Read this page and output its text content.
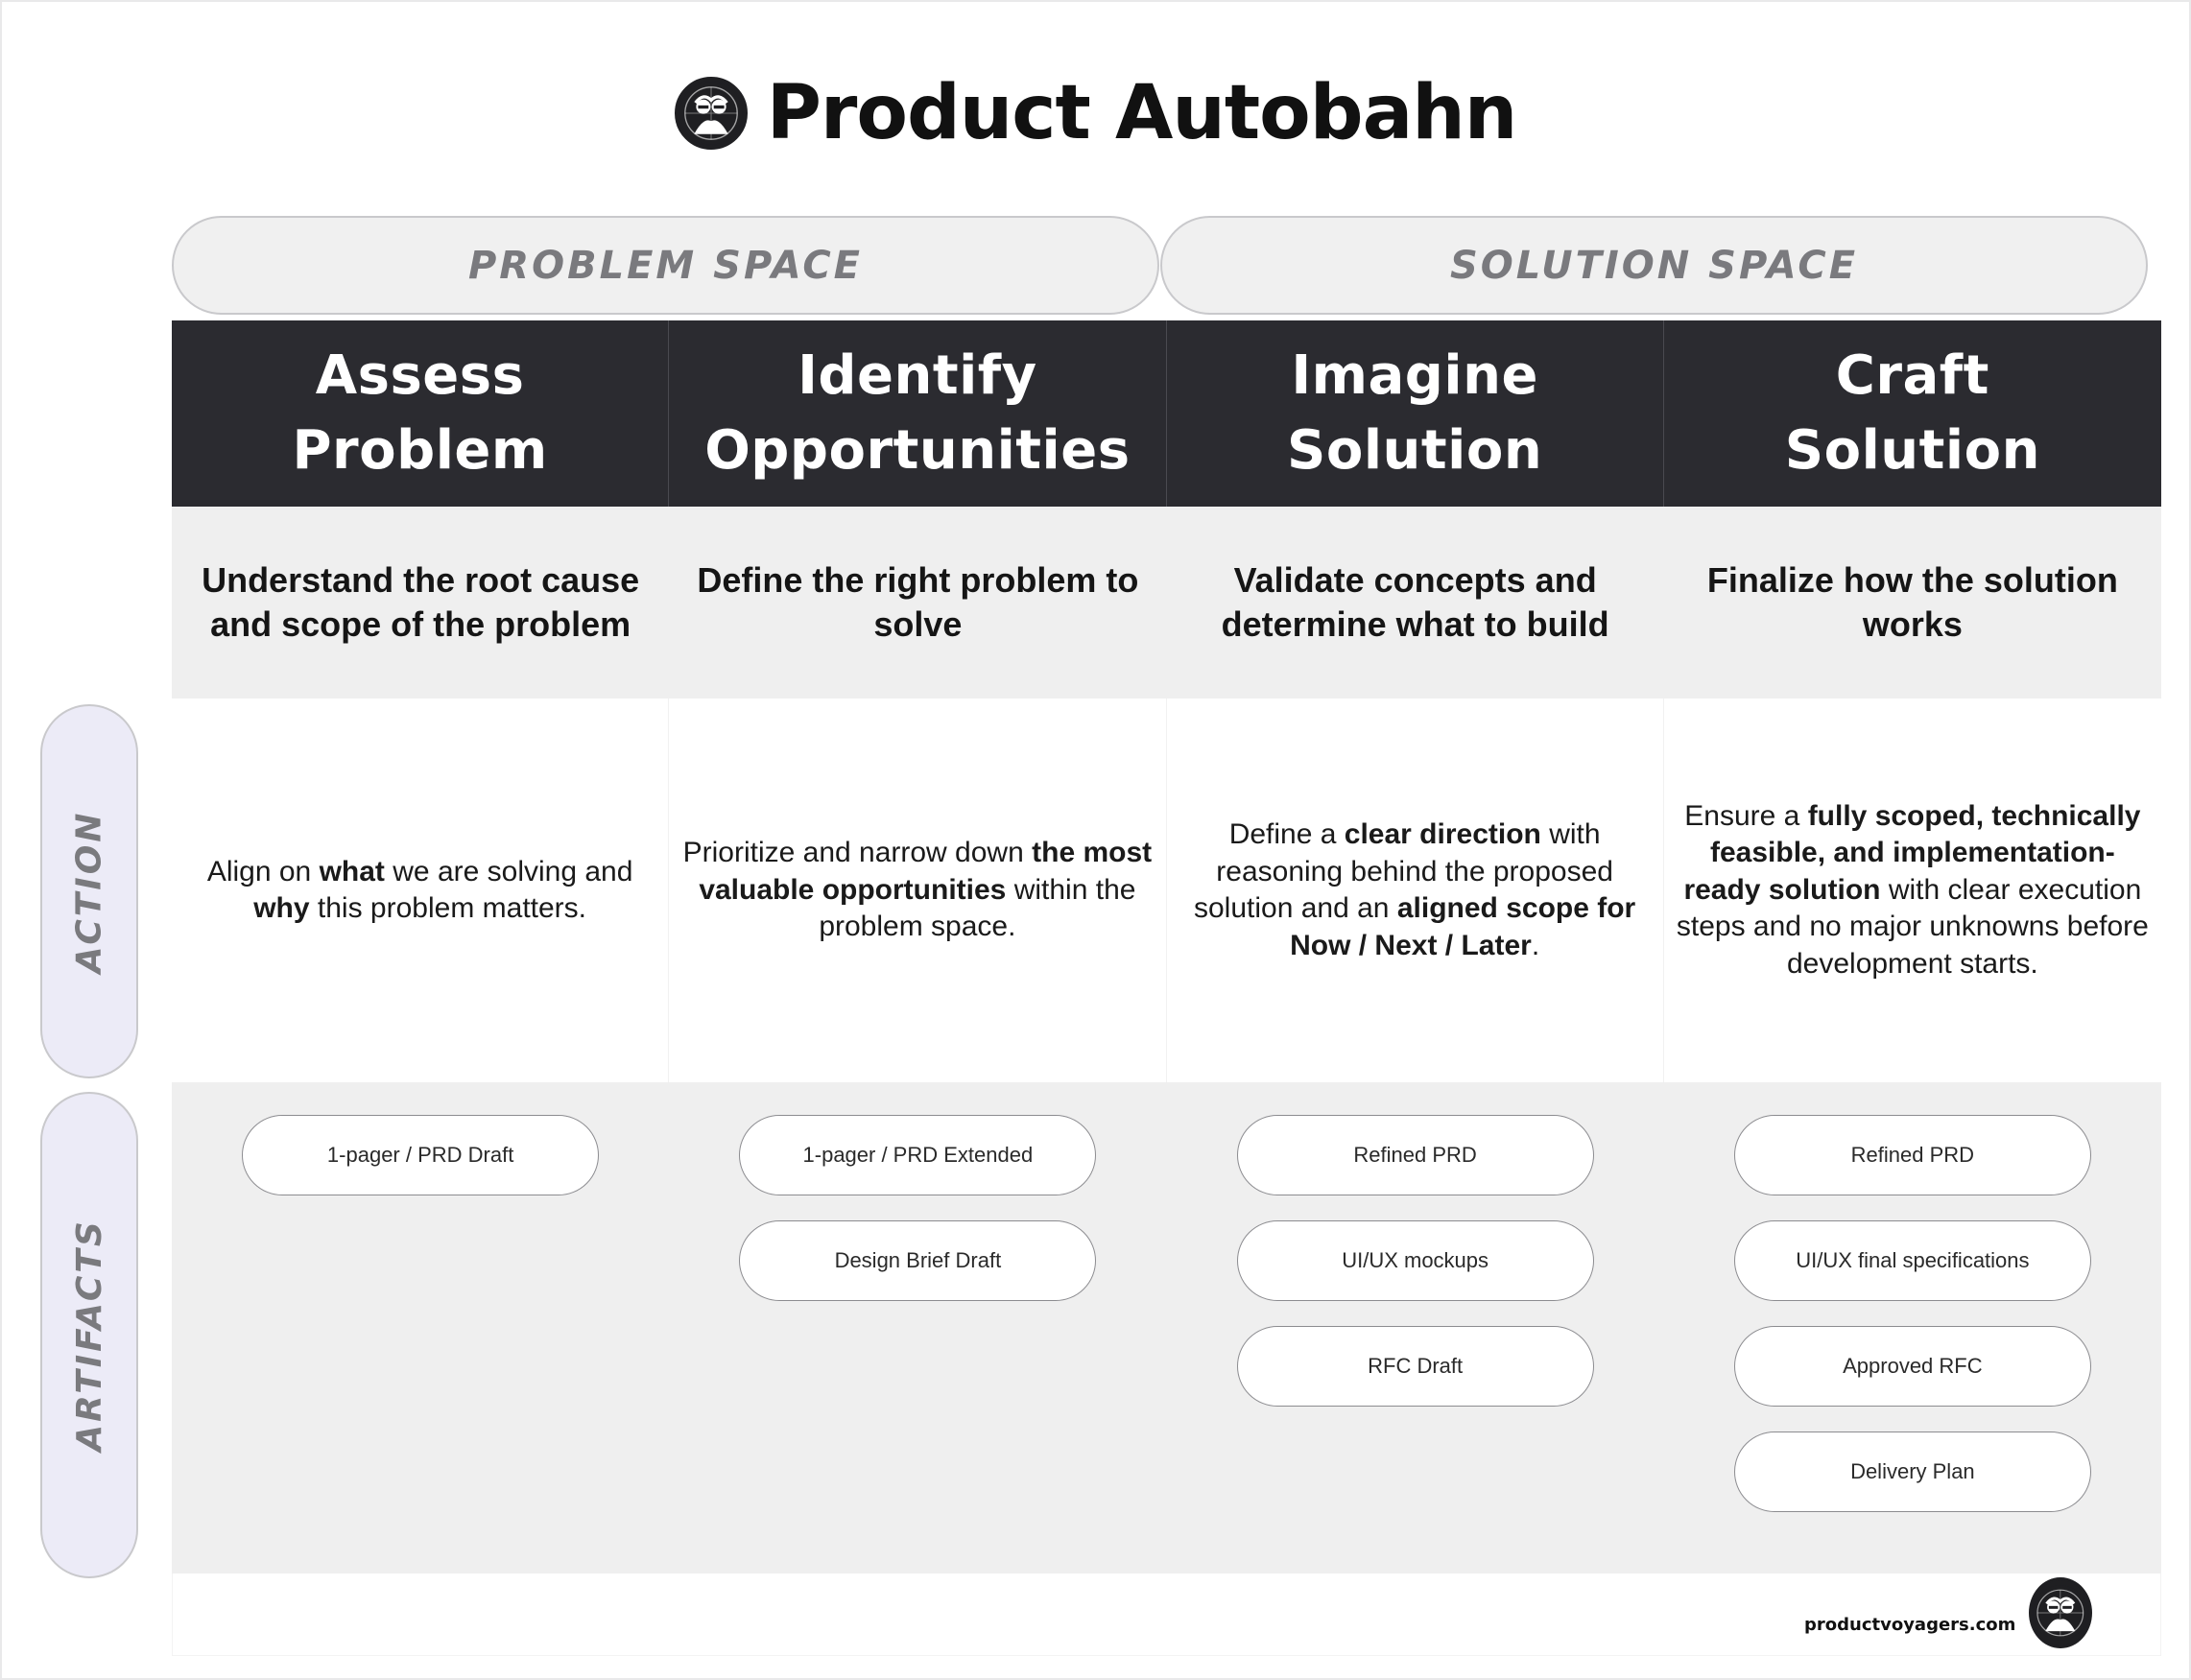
Product Autobahn
PROBLEM SPACE	SOLUTION SPACE
ACTION
ARTIFACTS
Assess
Problem
Identify
Opportunities
Imagine
Solution
Craft
Solution
Understand the root cause and scope of the problem
Define the right problem to solve
Validate concepts and determine what to build
Finalize how the solution works

Align on what we are solving and why this problem matters.

Prioritize and narrow down the most valuable opportunities within the problem space.

Define a clear direction with reasoning behind the proposed solution and an aligned scope for Now / Next / Later.

Ensure a fully scoped, technically feasible, and implementation-ready solution with clear execution steps and no major unknowns before development starts.

1-pager / PRD Draft	1-pager / PRD Extended
Design Brief Draft
Refined PRD
UI/UX mockups
RFC Draft
Refined PRD
UI/UX final specifications
Approved RFC
Delivery Plan
productvoyagers.com
